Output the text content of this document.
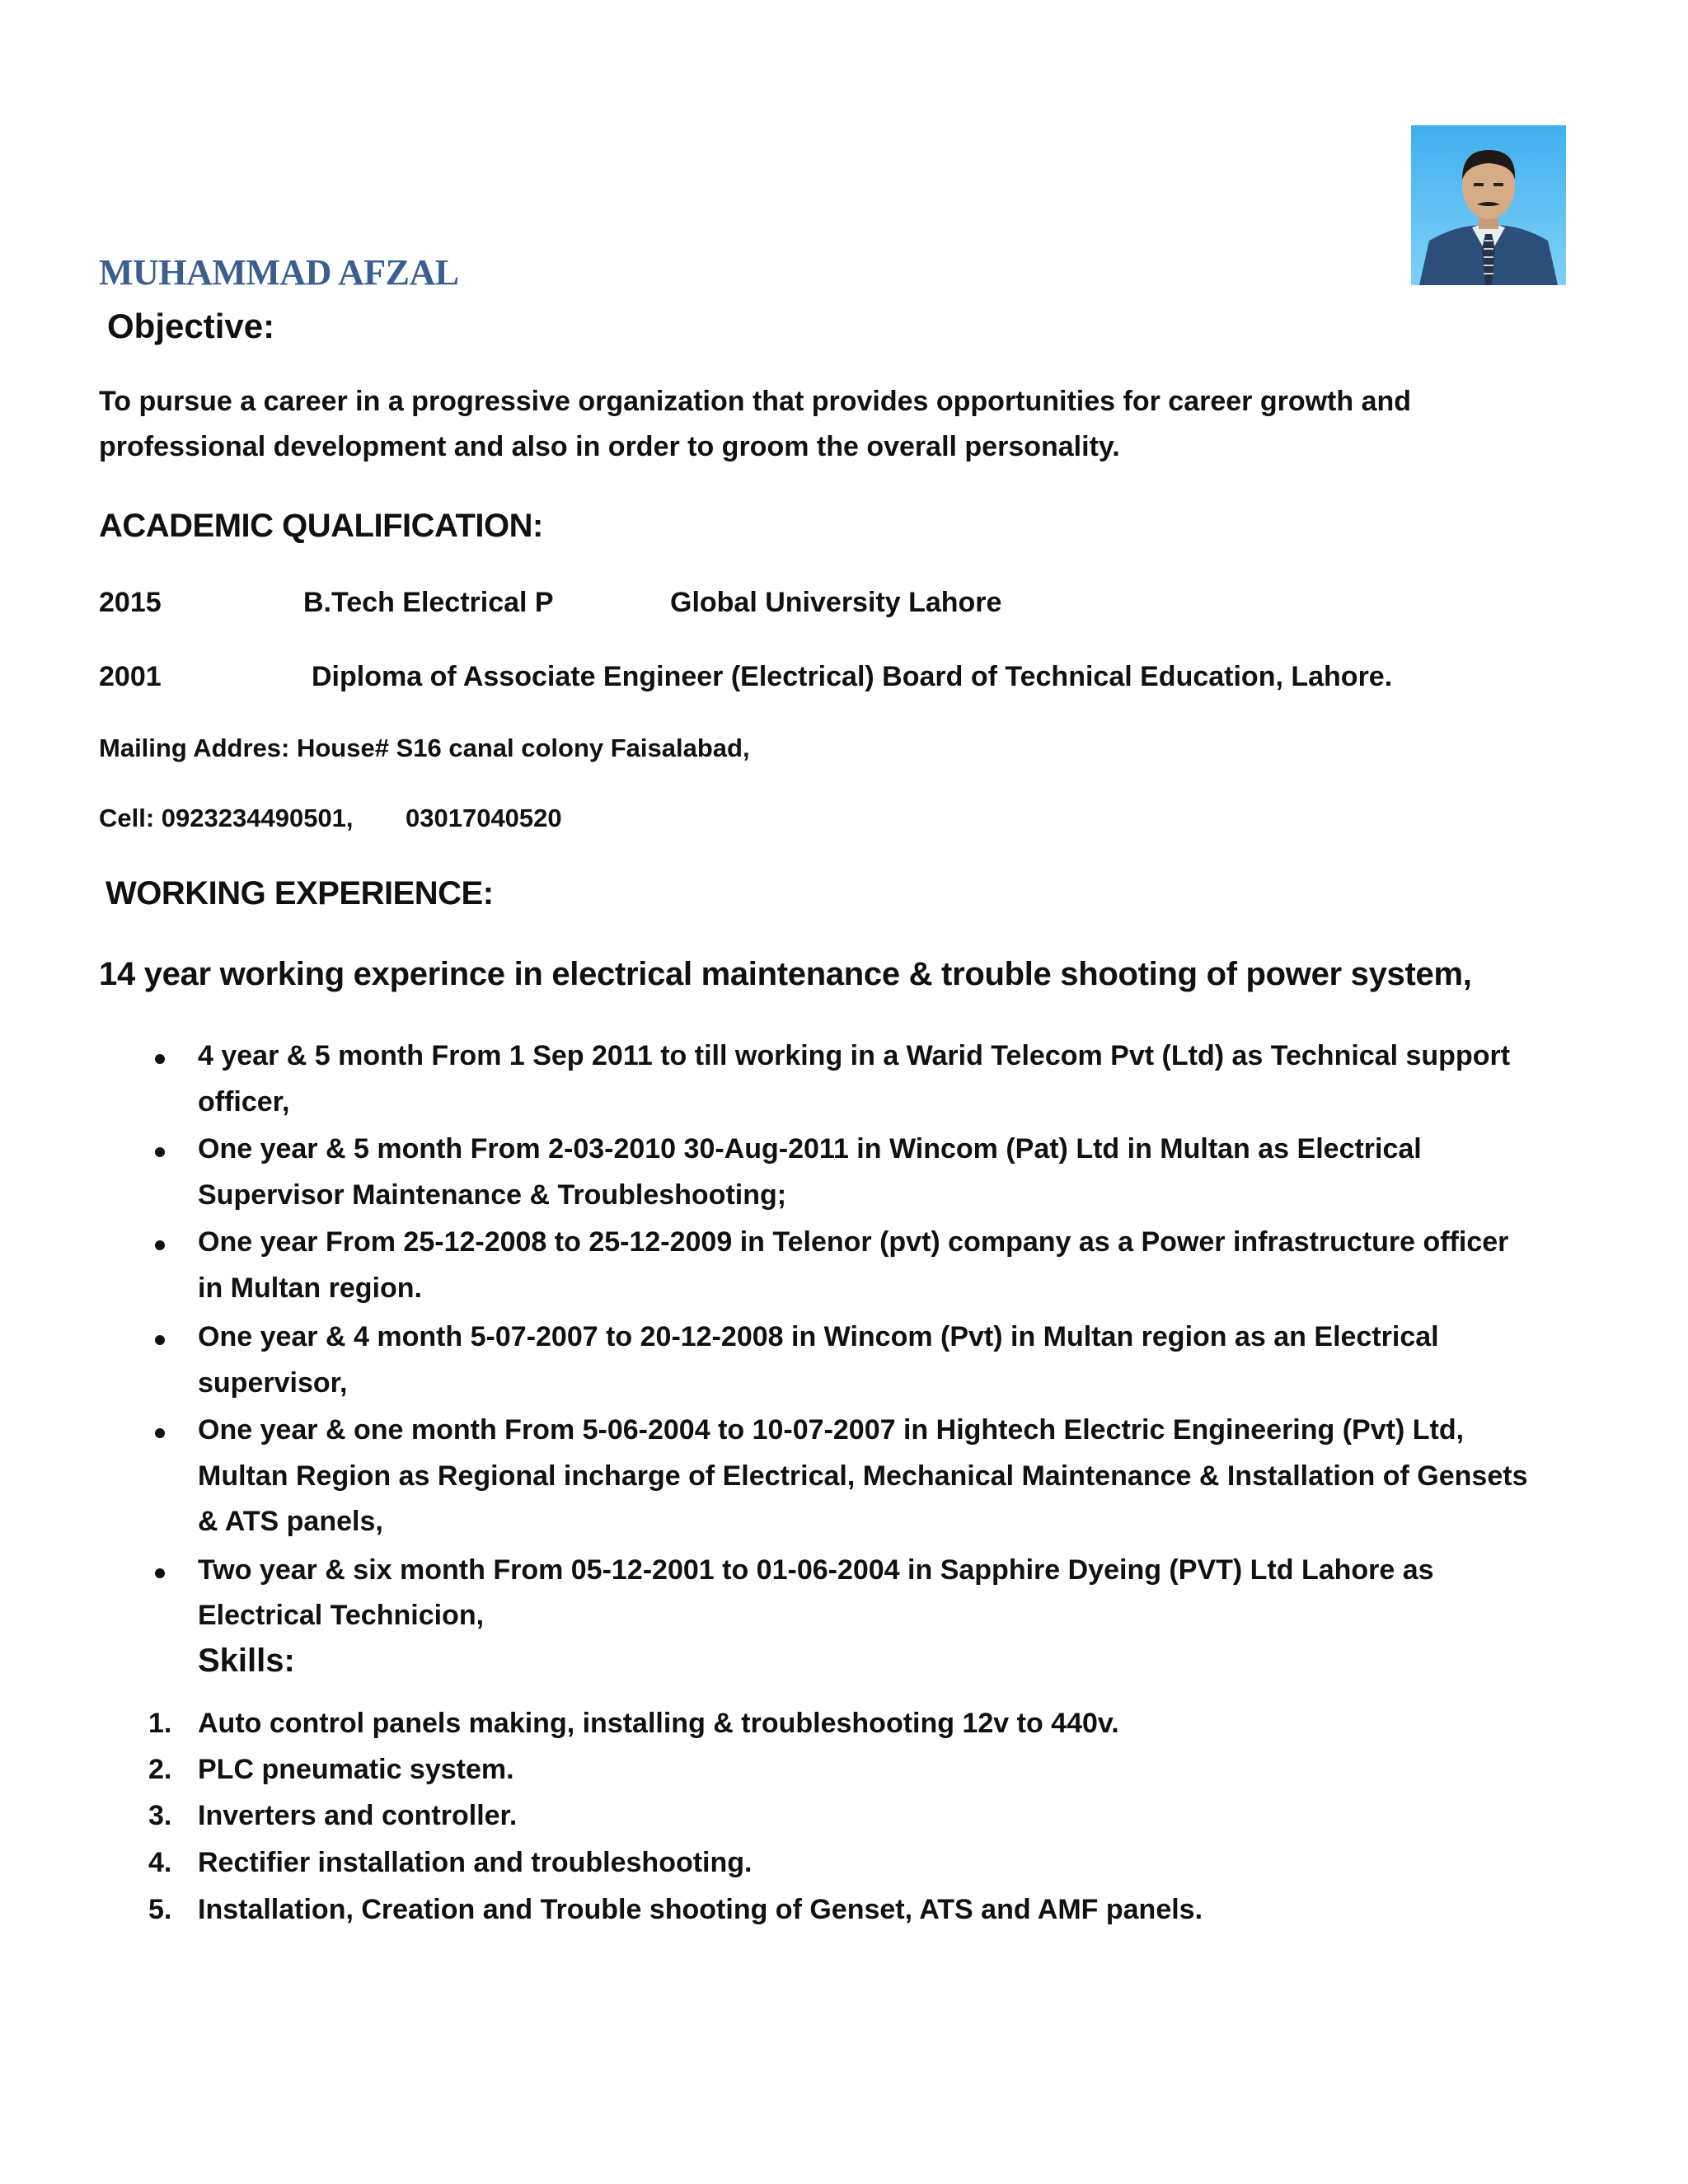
MUHAMMAD AFZAL
Objective:
To pursue a career in a progressive organization that provides opportunities for career growth and
professional development and also in order to groom the overall personality.
ACADEMIC QUALIFICATION:
2015	B.Tech Electrical P	Global University Lahore
2001	Diploma of Associate Engineer (Electrical) Board of Technical Education, Lahore.
Mailing Addres: House# S16 canal colony Faisalabad,
Cell: 0923234490501, 03017040520
WORKING EXPERIENCE:
14 year working experince in electrical maintenance & trouble shooting of power system,
4 year & 5 month From 1 Sep 2011 to till working in a Warid Telecom Pvt (Ltd) as Technical support
officer,
One year & 5 month From 2-03-2010 30-Aug-2011 in Wincom (Pat) Ltd in Multan as Electrical
Supervisor Maintenance & Troubleshooting;
One year From 25-12-2008 to 25-12-2009 in Telenor (pvt) company as a Power infrastructure officer
in Multan region.
One year & 4 month 5-07-2007 to 20-12-2008 in Wincom (Pvt) in Multan region as an Electrical
supervisor,
One year & one month From 5-06-2004 to 10-07-2007 in Hightech Electric Engineering (Pvt) Ltd,
Multan Region as Regional incharge of Electrical, Mechanical Maintenance & Installation of Gensets
& ATS panels,
Two year & six month From 05-12-2001 to 01-06-2004 in Sapphire Dyeing (PVT) Ltd Lahore as
Electrical Technicion,
Skills:
1. Auto control panels making, installing & troubleshooting 12v to 440v.
2. PLC pneumatic system.
3. Inverters and controller.
4. Rectifier installation and troubleshooting.
5. Installation, Creation and Trouble shooting of Genset, ATS and AMF panels.
